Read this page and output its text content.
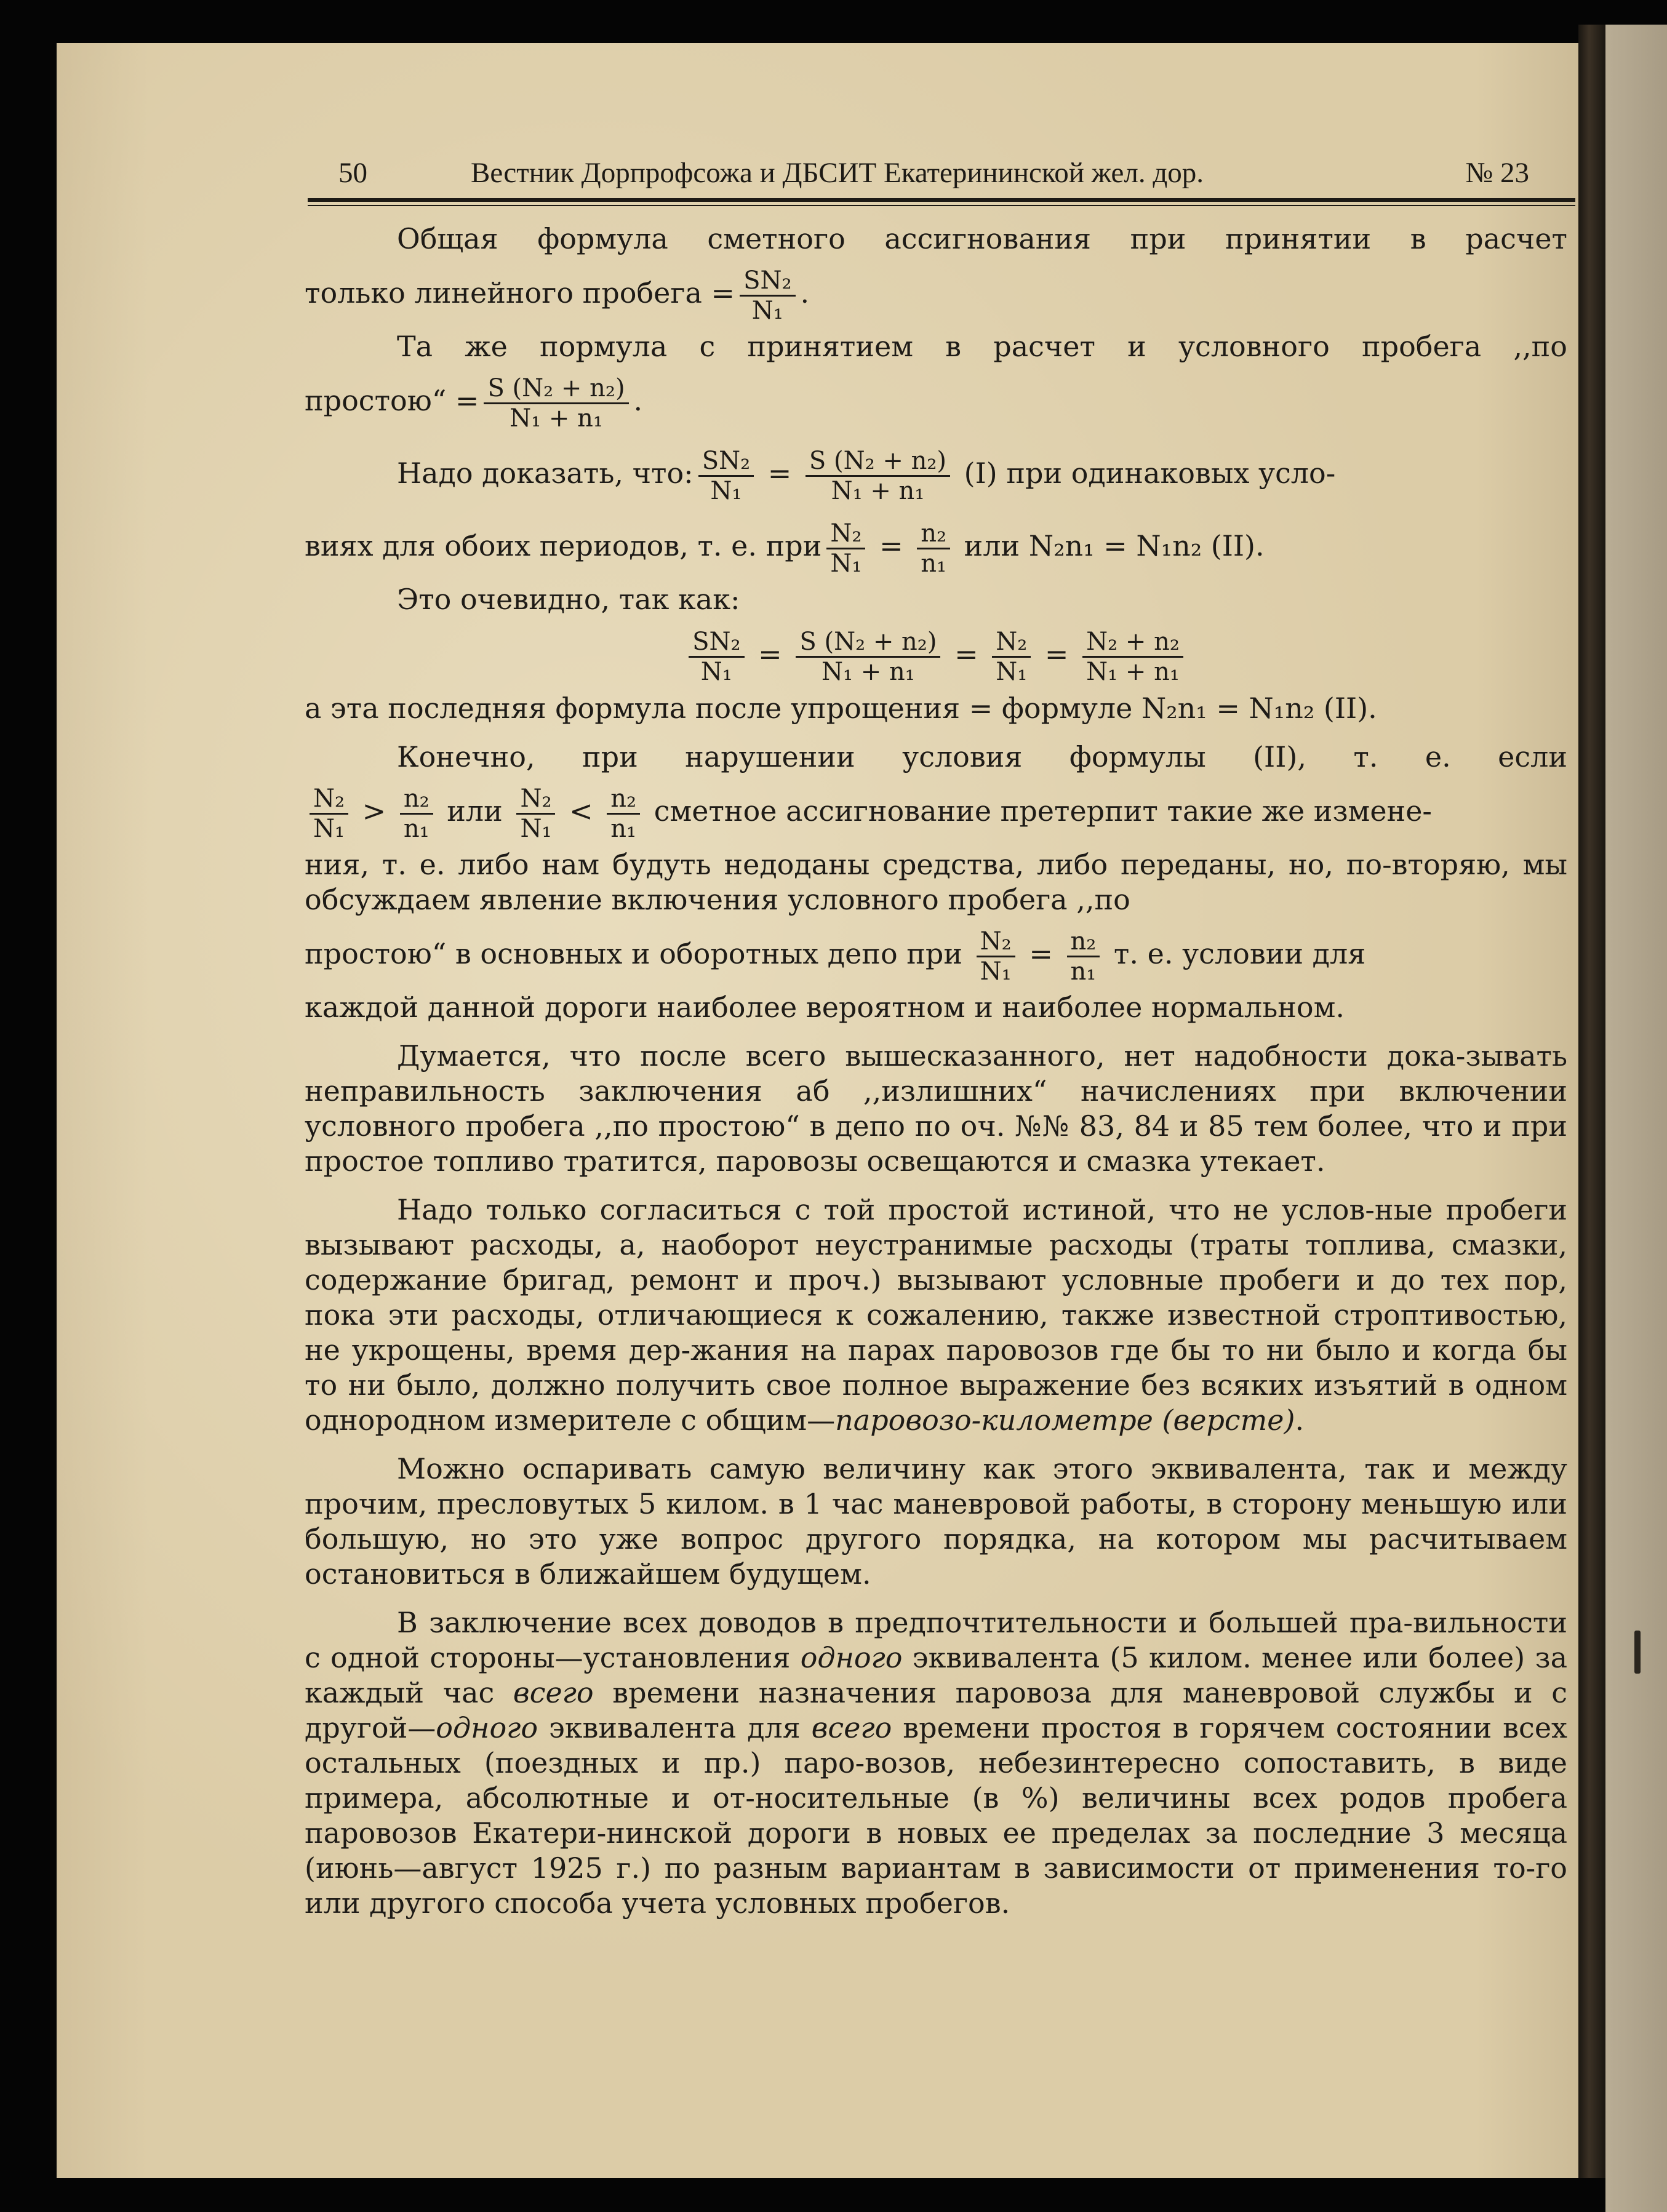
50	Вестник Дорпрофсожа и ДБСИТ Екатерининской жел. дор.	№ 23

Общая формула сметного ассигнования при принятии в расчет

только линейного пробега = $\frac{\text{SN₂}}{\text{N₁}}$ .

Та же пормула с принятием в расчет и условного пробега ,,по

простою“ = $\frac{\text{S (N₂ + n₂)}}{\text{N₁ + n₁}}$ .

Надо доказать, что: $\frac{\text{SN₂}}{\text{N₁}} = \frac{\text{S (N₂ + n₂)}}{\text{N₁ + n₁}} (I)$ при одинаковых усло-

виях для обоих периодов, т. е. при $\frac{\text{N₂}}{\text{N₁}} = \frac{\text{n₂}}{\text{n₁}}$ или N₂n₁ = N₁n₂ (II).

Это очевидно, так как:

$\frac{\text{SN₂}}{\text{N₁}} = \frac{\text{S (N₂ + n₂)}}{\text{N₁ + n₁}} = \frac{\text{N₂}}{\text{N₁}} = \frac{\text{N₂ + n₂}}{\text{N₁ + n₁}}$

а эта последняя формула после упрощения = формуле N₂n₁ = N₁n₂ (II).

Конечно, при нарушении условия формулы (II), т. е. если

$\frac{\text{N₂}}{\text{N₁}} > \frac{\text{n₂}}{\text{n₁}}$ или $\frac{\text{N₂}}{\text{N₁}} < \frac{\text{n₂}}{\text{n₁}}$ сметное ассигнование претерпит такие же измене-

ния, т. е. либо нам будуть недоданы средства, либо переданы, но, по-вторяю, мы обсуждаем явление включения условного пробега ,,по

простою“ в основных и оборотных депо при $\frac{\text{N₂}}{\text{N₁}} = \frac{\text{n₂}}{\text{n₁}} т$. е. условии для

каждой данной дороги наиболее вероятном и наиболее нормальном.

Думается, что после всего вышесказанного, нет надобности дока-зывать неправильность заключения аб ,,излишних“ начислениях при включении условного пробега ,,по простою“ в депо по оч. №№ 83, 84 и 85 тем более, что и при простое топливо тратится, паровозы освещаются и смазка утекает.

Надо только согласиться с той простой истиной, что не услов-ные пробеги вызывают расходы, а, наоборот неустранимые расходы (траты топлива, смазки, содержание бригад, ремонт и проч.) вызывают условные пробеги и до тех пор, пока эти расходы, отличающиеся к сожалению, также известной строптивостью, не укрощены, время дер-жания на парах паровозов где бы то ни было и когда бы то ни было, должно получить свое полное выражение без всяких изъятий в одном однородном измерителе с общим—паровозо-километре (версте).

Можно оспаривать самую величину как этого эквивалента, так и между прочим, пресловутых 5 килом. в 1 час маневровой работы, в сторону меньшую или большую, но это уже вопрос другого порядка, на котором мы расчитываем остановиться в ближайшем будущем.

В заключение всех доводов в предпочтительности и большей пра-вильности с одной стороны—установления одного эквивалента (5 килом. менее или более) за каждый час всего времени назначения паровоза для маневровой службы и с другой—одного эквивалента для всего времени простоя в горячем состоянии всех остальных (поездных и пр.) паро-возов, небезинтересно сопоставить, в виде примера, абсолютные и от-носительные (в %) величины всех родов пробега паровозов Екатери-нинской дороги в новых ее пределах за последние 3 месяца (июнь—август 1925 г.) по разным вариантам в зависимости от применения то-го или другого способа учета условных пробегов.
